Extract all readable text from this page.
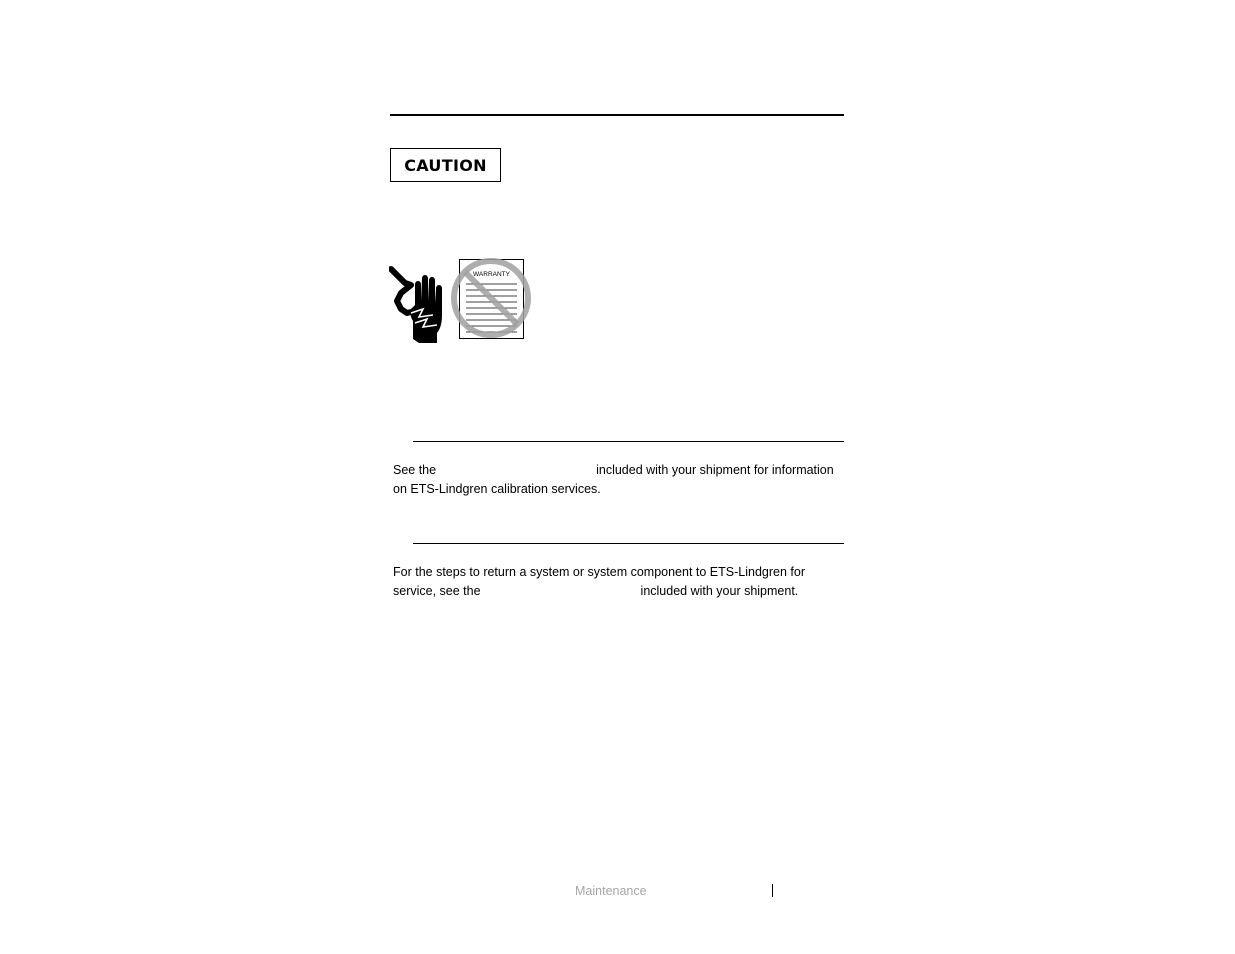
CAUTION
WARRANTY
See the	included with your shipment for information
on ETS-Lindgren calibration services.
For the steps to return a system or system component to ETS-Lindgren for
service, see the	included with your shipment.
Maintenance
